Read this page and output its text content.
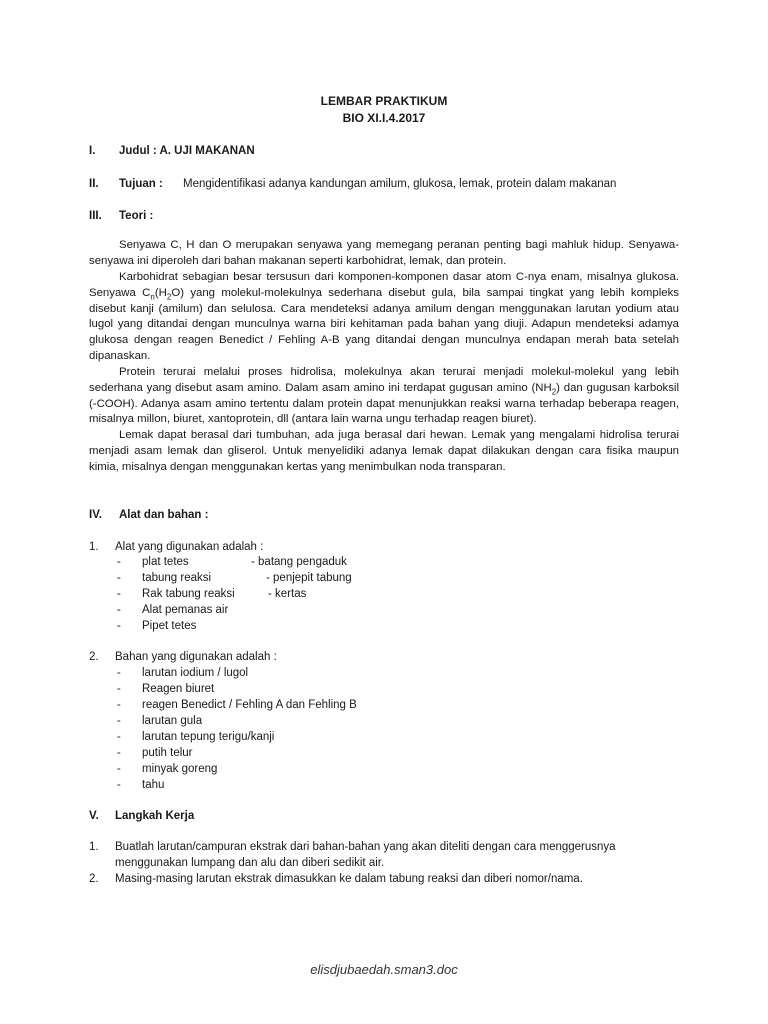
LEMBAR PRAKTIKUM
BIO XI.I.4.2017
I. Judul : A. UJI MAKANAN
II. Tujuan : Mengidentifikasi adanya kandungan amilum, glukosa, lemak, protein dalam makanan
III. Teori :
Senyawa C, H dan O merupakan senyawa yang memegang peranan penting bagi mahluk hidup. Senyawa-senyawa ini diperoleh dari bahan makanan seperti karbohidrat, lemak, dan protein.
Karbohidrat sebagian besar tersusun dari komponen-komponen dasar atom C-nya enam, misalnya glukosa. Senyawa $C_n(H_2O)$ yang molekul-molekulnya sederhana disebut gula, bila sampai tingkat yang lebih kompleks disebut kanji (amilum) dan selulosa. Cara mendeteksi adanya amilum dengan menggunakan larutan yodium atau lugol yang ditandai dengan munculnya warna biri kehitaman pada bahan yang diuji. Adapun mendeteksi adamya glukosa dengan reagen Benedict / Fehling A-B yang ditandai dengan munculnya endapan merah bata setelah dipanaskan.
Protein terurai melalui proses hidrolisa, molekulnya akan terurai menjadi molekul-molekul yang lebih sederhana yang disebut asam amino. Dalam asam amino ini terdapat gugusan amino $(NH_2)$ dan gugusan karboksil (-COOH). Adanya asam amino tertentu dalam protein dapat menunjukkan reaksi warna terhadap beberapa reagen, misalnya millon, biuret, xantoprotein, dll (antara lain warna ungu terhadap reagen biuret).
Lemak dapat berasal dari tumbuhan, ada juga berasal dari hewan. Lemak yang mengalami hidrolisa terurai menjadi asam lemak dan gliserol. Untuk menyelidiki adanya lemak dapat dilakukan dengan cara fisika maupun kimia, misalnya dengan menggunakan kertas yang menimbulkan noda transparan.
IV. Alat dan bahan :
1. Alat yang digunakan adalah :
- plat tetes
- tabung reaksi
- Rak tabung reaksi
- Alat pemanas air
- Pipet tetes
- batang pengaduk
- penjepit tabung
- kertas
2. Bahan yang digunakan adalah :
- larutan iodium / lugol
- Reagen biuret
- reagen Benedict / Fehling A dan Fehling B
- larutan gula
- larutan tepung terigu/kanji
- putih telur
- minyak goreng
- tahu
V. Langkah Kerja
1. Buatlah larutan/campuran ekstrak dari bahan-bahan yang akan diteliti dengan cara menggerusnya
menggunakan lumpang dan alu dan diberi sedikit air.
2. Masing-masing larutan ekstrak dimasukkan ke dalam tabung reaksi dan diberi nomor/nama.
elisdjubaedah.sman3.doc
